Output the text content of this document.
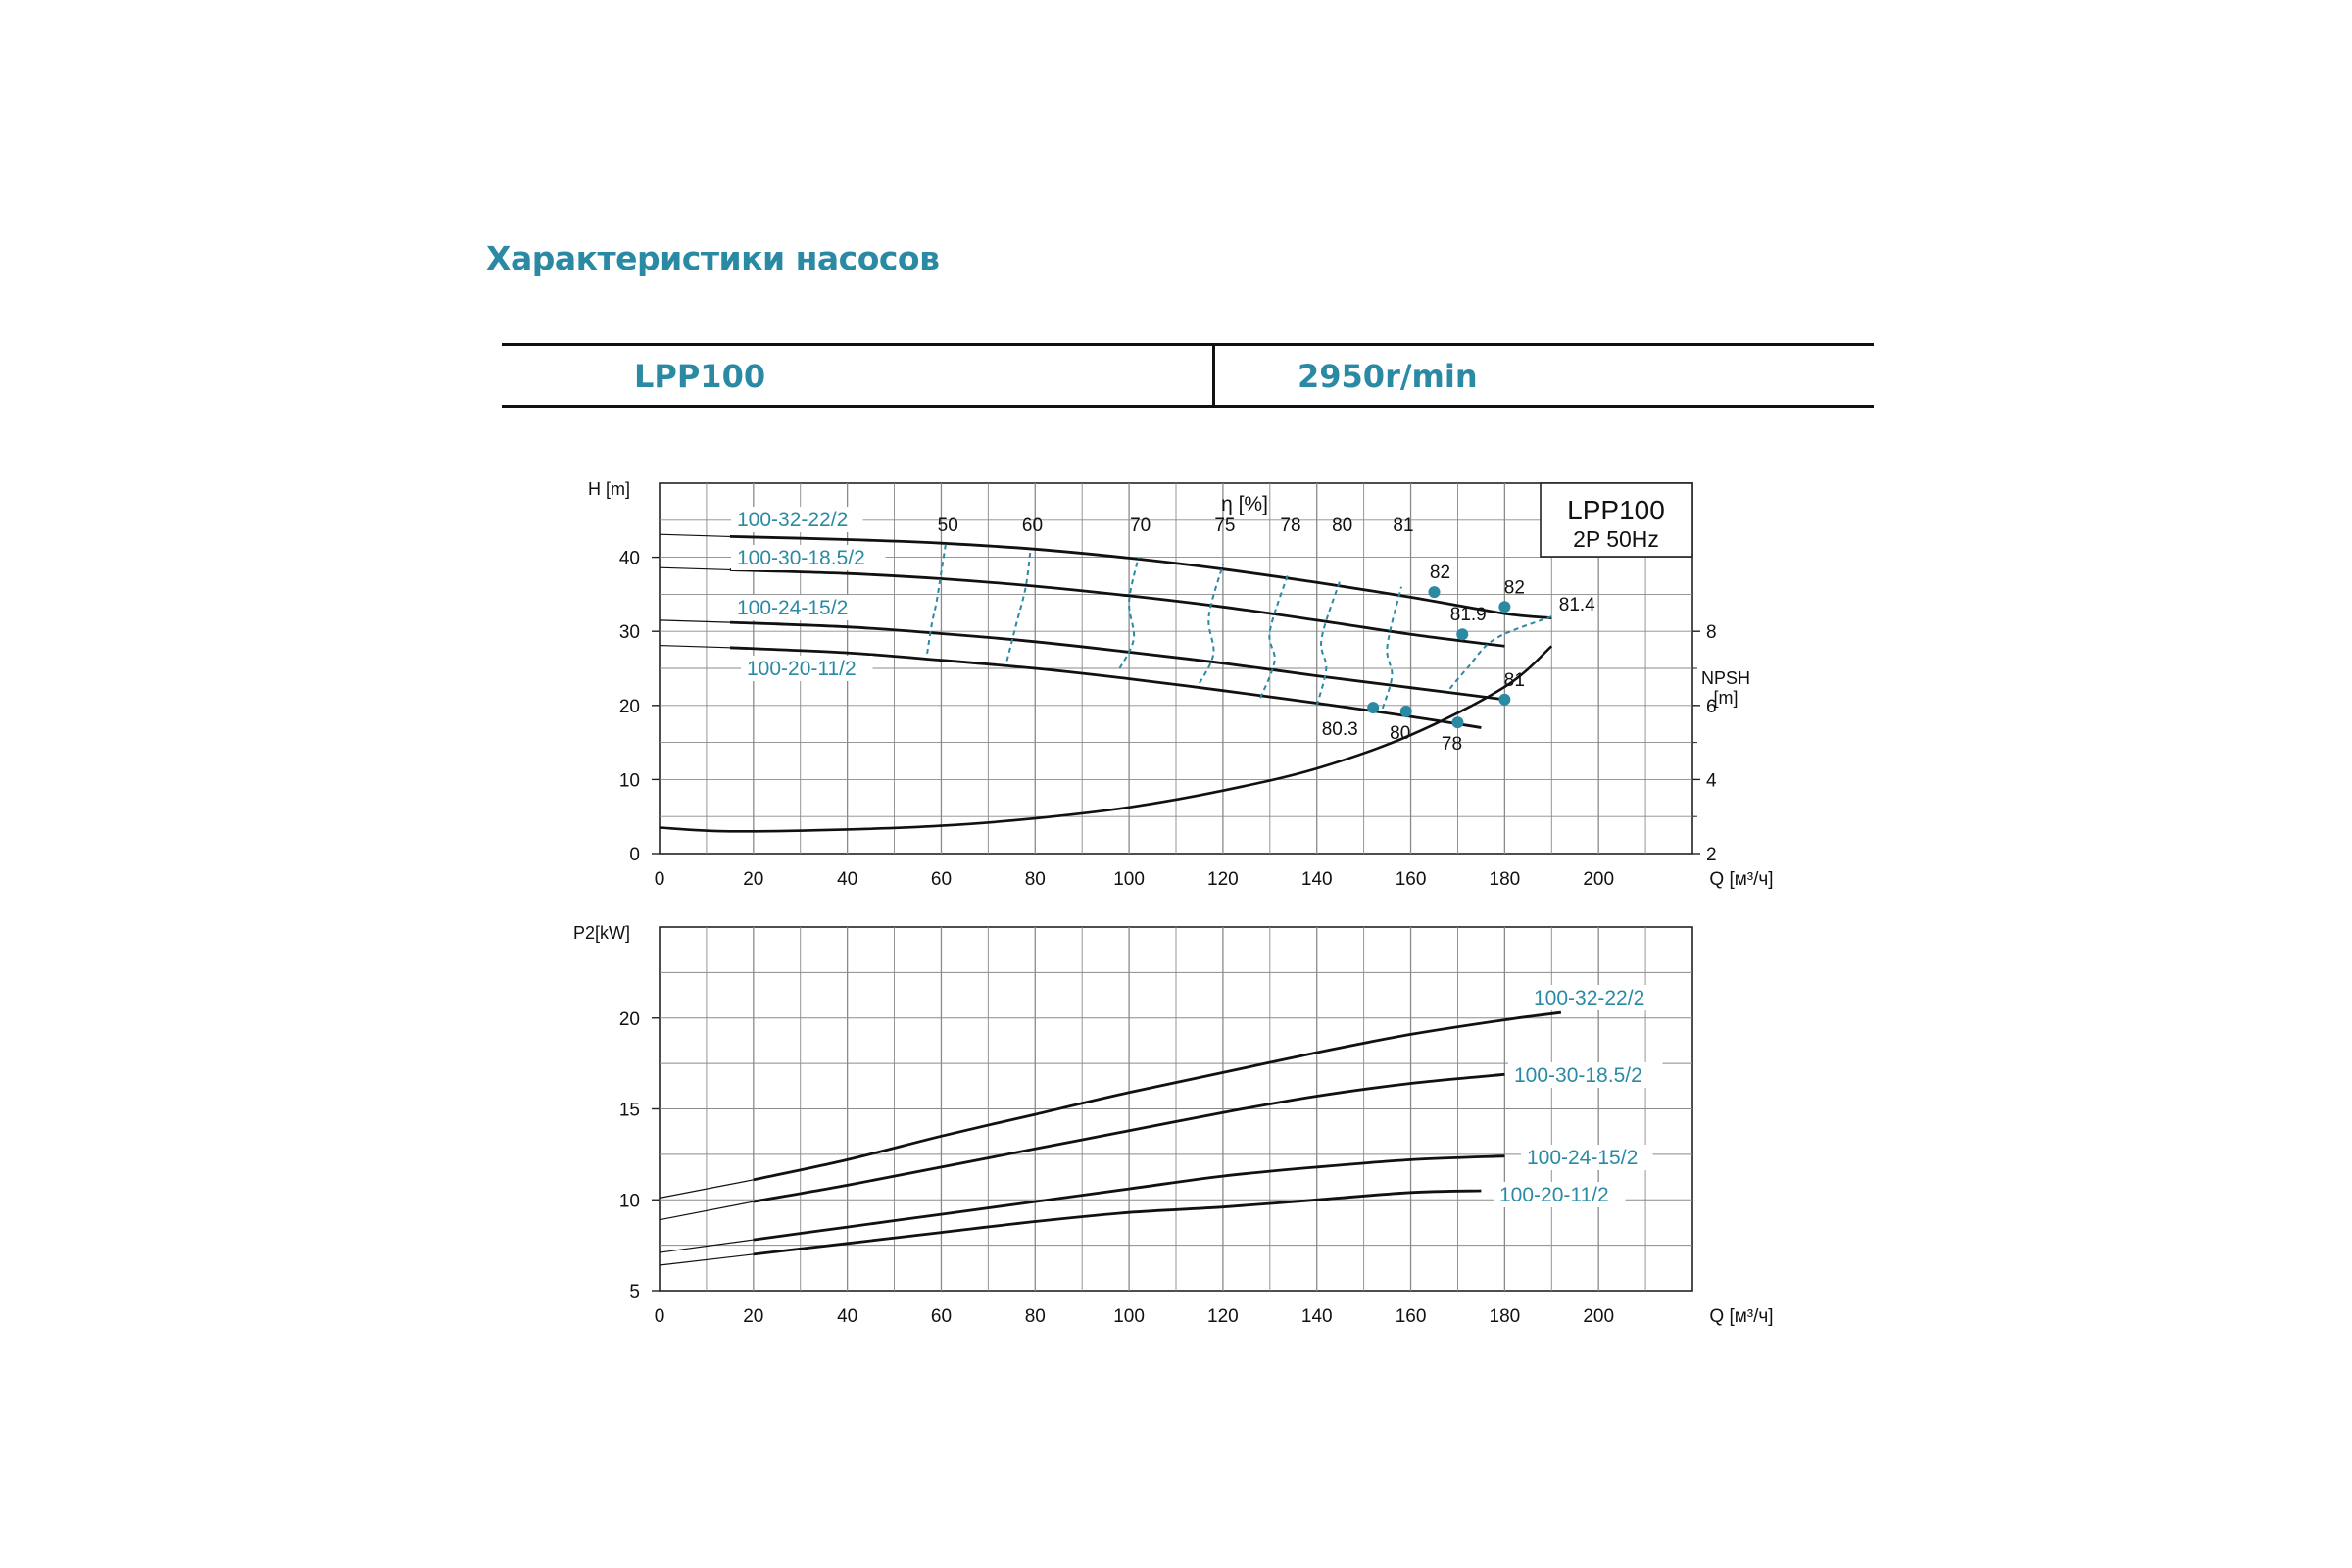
Характеристики насосов
LPP100	2950r/min
0	20	40	60	80	100	120	140	160	180	200	Q [м³/ч]
0
10
20
30
40
H [m]
2
4
6
8
NPSH
[m]
100-32-22/2
100-30-18.5/2
100-24-15/2
100-20-11/2
50	60	70	75 78 80 81
η [%]
82
82
81.4
81.9
81
80.3 80
78
LPP100
2P 50Hz
0	20	40	60	80	100	120	140	160	180	200	Q [м³/ч]
5
10
15
20
P2[kW]
100-32-22/2
100-30-18.5/2
100-24-15/2
100-20-11/2
